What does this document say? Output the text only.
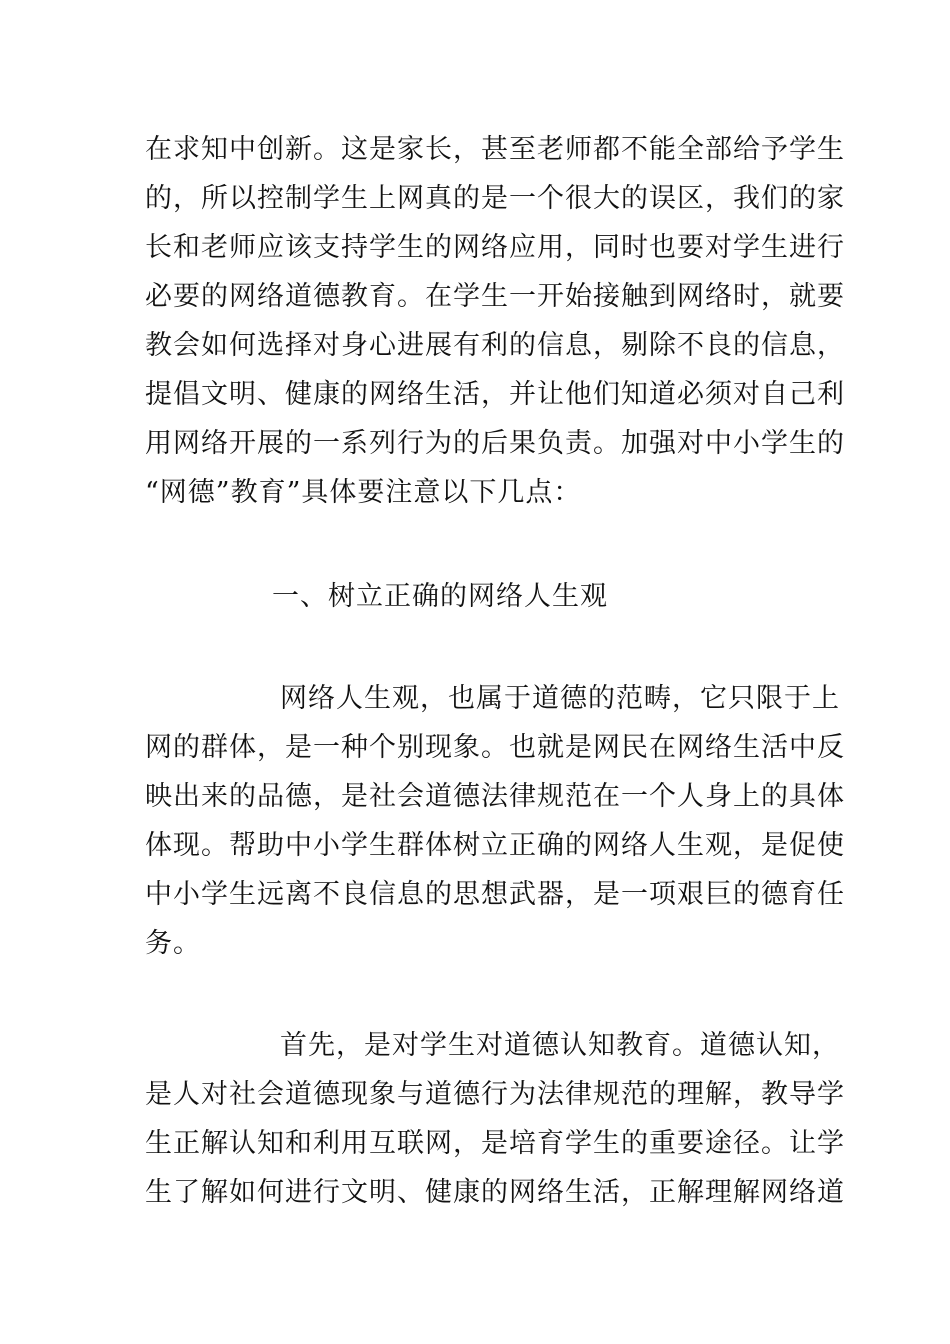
在求知中创新。这是家长，甚至老师都不能全部给予学生
的，所以控制学生上网真的是一个很大的误区，我们的家
长和老师应该支持学生的网络应用，同时也要对学生进行
必要的网络道德教育。在学生一开始接触到网络时，就要
教会如何选择对身心进展有利的信息，剔除不良的信息，
提倡文明、健康的网络生活，并让他们知道必须对自己利
用网络开展的一系列行为的后果负责。加强对中小学生的
“网德”教育”具体要注意以下几点：
一、树立正确的网络人生观
网络人生观，也属于道德的范畴，它只限于上
网的群体，是一种个别现象。也就是网民在网络生活中反
映出来的品德，是社会道德法律规范在一个人身上的具体
体现。帮助中小学生群体树立正确的网络人生观，是促使
中小学生远离不良信息的思想武器，是一项艰巨的德育任
务。
首先，是对学生对道德认知教育。道德认知，
是人对社会道德现象与道德行为法律规范的理解，教导学
生正解认知和利用互联网，是培育学生的重要途径。让学
生了解如何进行文明、健康的网络生活，正解理解网络道
